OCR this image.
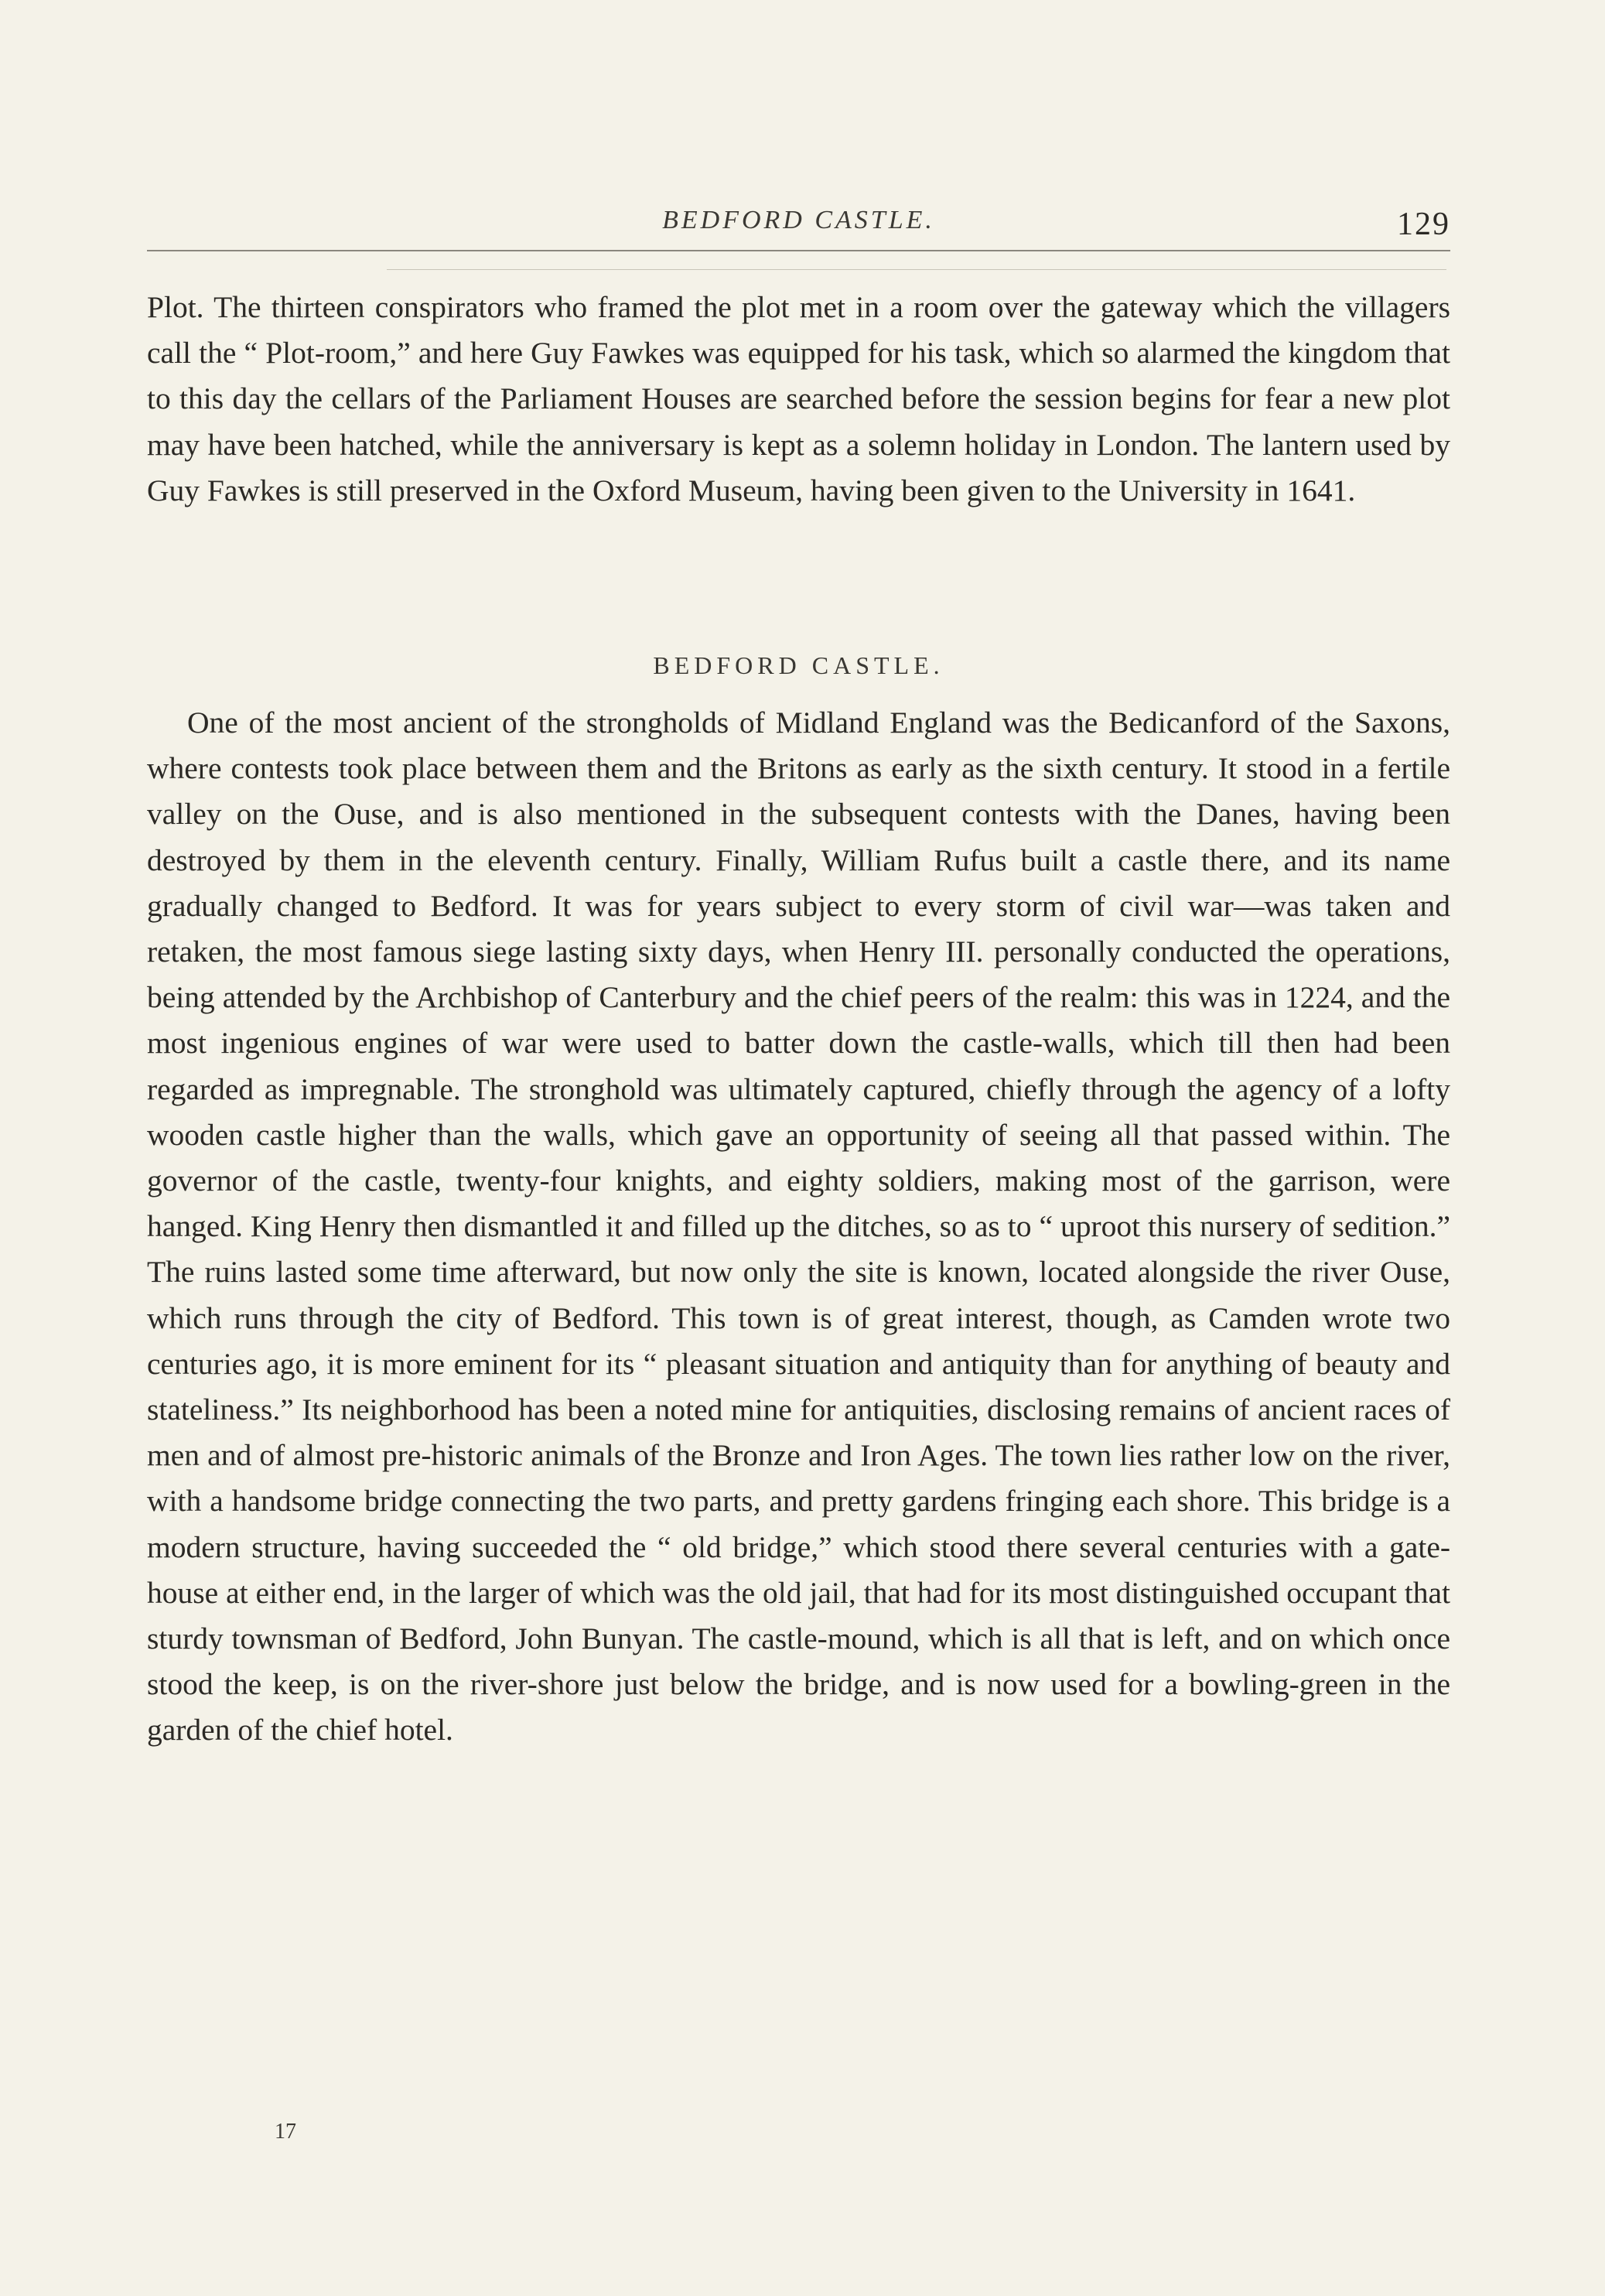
BEDFORD CASTLE.	129

Plot. The thirteen conspirators who framed the plot met in a room over the gateway which the villagers call the “ Plot-room,” and here Guy Fawkes was equipped for his task, which so alarmed the kingdom that to this day the cellars of the Parliament Houses are searched before the session begins for fear a new plot may have been hatched, while the anniversary is kept as a solemn holiday in London. The lantern used by Guy Fawkes is still preserved in the Oxford Museum, having been given to the University in 1641.

BEDFORD CASTLE.

One of the most ancient of the strongholds of Midland England was the Bedicanford of the Saxons, where contests took place between them and the Britons as early as the sixth century. It stood in a fertile valley on the Ouse, and is also mentioned in the subsequent contests with the Danes, having been destroyed by them in the eleventh century. Finally, William Rufus built a castle there, and its name gradually changed to Bedford. It was for years subject to every storm of civil war—was taken and retaken, the most famous siege lasting sixty days, when Henry III. personally conducted the operations, being attended by the Archbishop of Canterbury and the chief peers of the realm: this was in 1224, and the most ingenious engines of war were used to batter down the castle-walls, which till then had been regarded as impregnable. The stronghold was ultimately captured, chiefly through the agency of a lofty wooden castle higher than the walls, which gave an opportunity of seeing all that passed within. The governor of the castle, twenty-four knights, and eighty soldiers, making most of the garrison, were hanged. King Henry then dismantled it and filled up the ditches, so as to “ uproot this nursery of sedition.” The ruins lasted some time afterward, but now only the site is known, located alongside the river Ouse, which runs through the city of Bedford. This town is of great interest, though, as Camden wrote two centuries ago, it is more eminent for its “ pleasant situation and antiquity than for anything of beauty and stateliness.” Its neighborhood has been a noted mine for antiquities, disclosing remains of ancient races of men and of almost pre-historic animals of the Bronze and Iron Ages. The town lies rather low on the river, with a handsome bridge connecting the two parts, and pretty gardens fringing each shore. This bridge is a modern structure, having succeeded the “ old bridge,” which stood there several centuries with a gate-house at either end, in the larger of which was the old jail, that had for its most distinguished occupant that sturdy townsman of Bedford, John Bunyan. The castle-mound, which is all that is left, and on which once stood the keep, is on the river-shore just below the bridge, and is now used for a bowling-green in the garden of the chief hotel.

17
